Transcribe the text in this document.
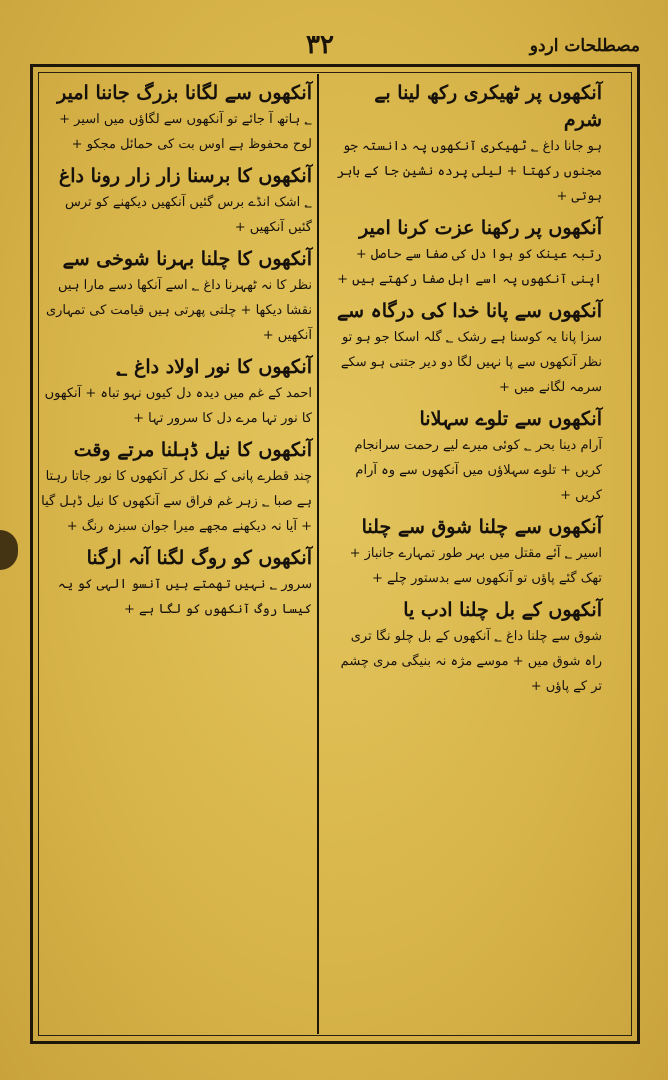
مصطلحات اردو
٣٢
آنکھوں پر ٹھیکری رکھ لینا بے شرم
ہو جانا داغ ؂ ٹھیکری آنکھوں پہ دانستہ جو مجنوں رکھتا + لیلی پردہ نشین جا کے باہر ہوتی +
آنکھوں پر رکھنا عزت کرنا امیر
رتبہ عینک کو ہوا دل کی صفا سے حاصل + اپنی آنکھوں پہ اسے اہل صفا رکھتے ہیں +
آنکھوں سے پانا خدا کی درگاہ سے
سزا پانا یہ کوسنا ہے رشک ؂ گلہ اسکا جو ہو تو نظر آنکھوں سے پا نہیں لگا دو دیر جتنی ہو سکے سرمہ لگانے میں +
آنکھوں سے تلوے سہلانا
آرام دینا بحر ؂ کوئی میرے لیے رحمت سرانجام کریں + تلوے سہلاؤں میں آنکھوں سے وہ آرام کریں +
آنکھوں سے چلنا شوق سے چلنا
اسیر ؂ آئے مقتل میں بہر طور تمہارے جانباز + تھک گئے پاؤں تو آنکھوں سے بدستور چلے +
آنکھوں کے بل چلنا ادب یا
شوق سے چلنا داغ ؂ آنکھوں کے بل چلو نگا تری راہ شوق میں + موسے مژہ نہ بنیگی مری چشم تر کے پاؤں +
آنکھوں سے لگانا بزرگ جاننا امیر
؂ ہاتھ آ جائے تو آنکھوں سے لگاؤں میں اسیر + لوح محفوظ ہے اوس بت کی حمائل مجکو +
آنکھوں کا برسنا زار زار رونا داغ
؂ اشک انڈے برس گئیں آنکھیں دیکھنے کو ترس گئیں آنکھیں +
آنکھوں کا چلنا بہرنا شوخی سے
نظر کا نہ ٹھہرنا داغ ؂ اسے آنکھا دسے مارا ہیں نقشا دیکھا + چلتی پھرتی ہیں قیامت کی تمہاری آنکھیں +
آنکھوں کا نور اولاد داغ ؂
احمد کے غم میں دیدہ دل کیوں نہو تباہ + آنکھوں کا نور تہا مرے دل کا سرور تہا +
آنکھوں کا نیل ڈہلنا مرتے وقت
چند قطرے پانی کے نکل کر آنکھوں کا نور جاتا رہتا ہے صبا ؂ زہر غم فراق سے آنکھوں کا نیل ڈہل گیا + آیا نہ دیکھنے مجھے میرا جوان سبزہ رنگ +
آنکھوں کو روگ لگنا آنہ ارگنا
سرور ؂ نہیں تھمتے ہیں آنسو الہی کو یہ کیسا روگ آنکھوں کو لگا ہے +
